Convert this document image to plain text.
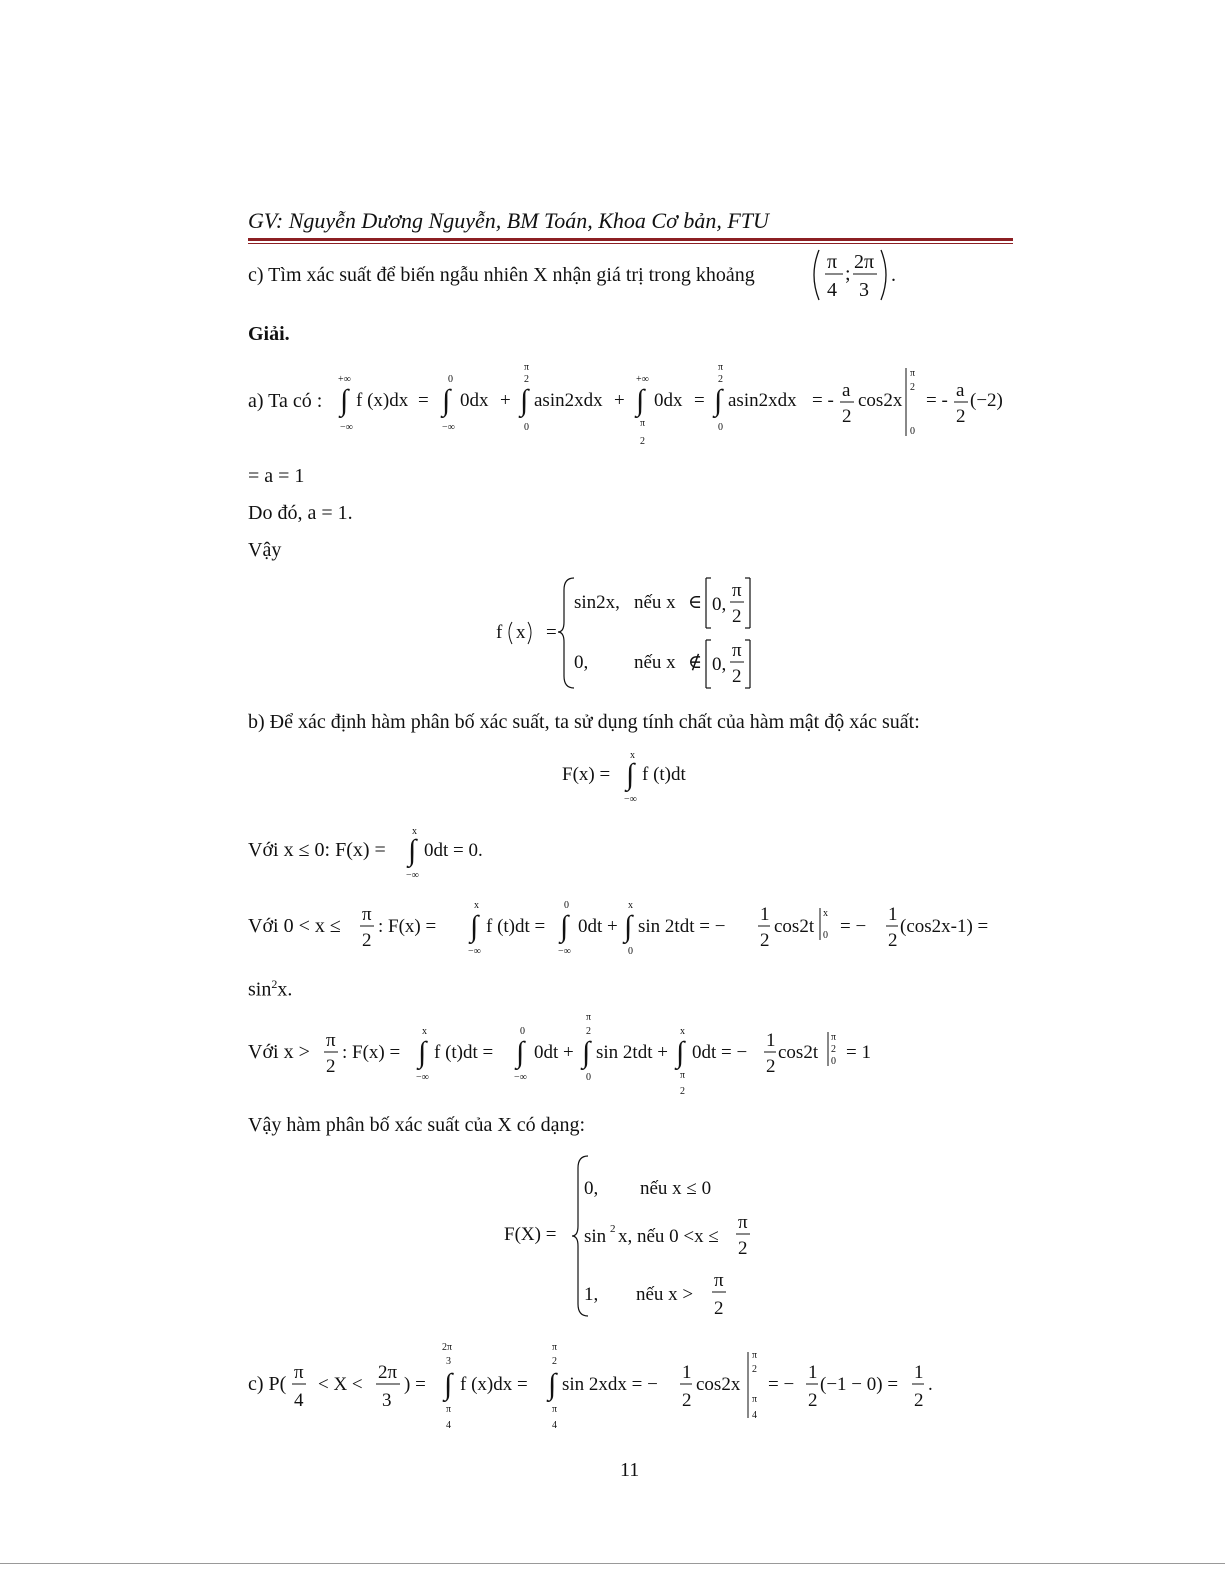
GV: Nguyễn Dương Nguyễn, BM Toán, Khoa Cơ bản, FTU
c) Tìm xác suất để biến ngẫu nhiên X nhận giá trị trong khoảng
π
4
;
2π
3
.
Giải.
a) Ta có : ∫
+∞
−∞
f (x)dx = ∫
0
−∞
0dx + ∫
π
2
0
asin2xdx + ∫
+∞
π
2
0dx = ∫
π
2
0
asin2xdx = - a
2
cos2x
π
2
0
= - a
2
(−2)
= a = 1
Do đó, a = 1.
Vậy
f x =
sin2x, nếu x ∈ 0,
π
2
0, nếu x ∉ 0,
π
2
b) Để xác định hàm phân bố xác suất, ta sử dụng tính chất của hàm mật độ xác suất:
F(x) = ∫
x
−∞
f (t)dt
Với x ≤ 0: F(x) = ∫
x
−∞
0dt = 0.
Với 0 < x ≤
π
2
: F(x) = ∫
x
−∞
f (t)dt = ∫
0
−∞
0dt + ∫
x
0
sin 2tdt = −
1
2
cos2t
x
0 = −
1
2
(cos2x-1) =
$\sin^2x$.
Với x >
π
2
: F(x) = ∫
x
−∞
f (t)dt = ∫
0
−∞
0dt + ∫
π
2
0
sin 2tdt + ∫
x
π
2
0dt = −
1
2
cos2t
π
2
0 = 1
Vậy hàm phân bố xác suất của X có dạng:
F(X) =
0, nếu x ≤ 0
sin 2 x, nếu 0 <x ≤
π
2
1, nếu x >
π
2
c) P(
π
4
< X <
2π
3
) = ∫
2π
3
π
4
f (x)dx = ∫
π
2
π
4
sin 2xdx = −
1
2
cos2x
π
2
π
4
= −
1
2
(−1 − 0) =
1
2
.
11
